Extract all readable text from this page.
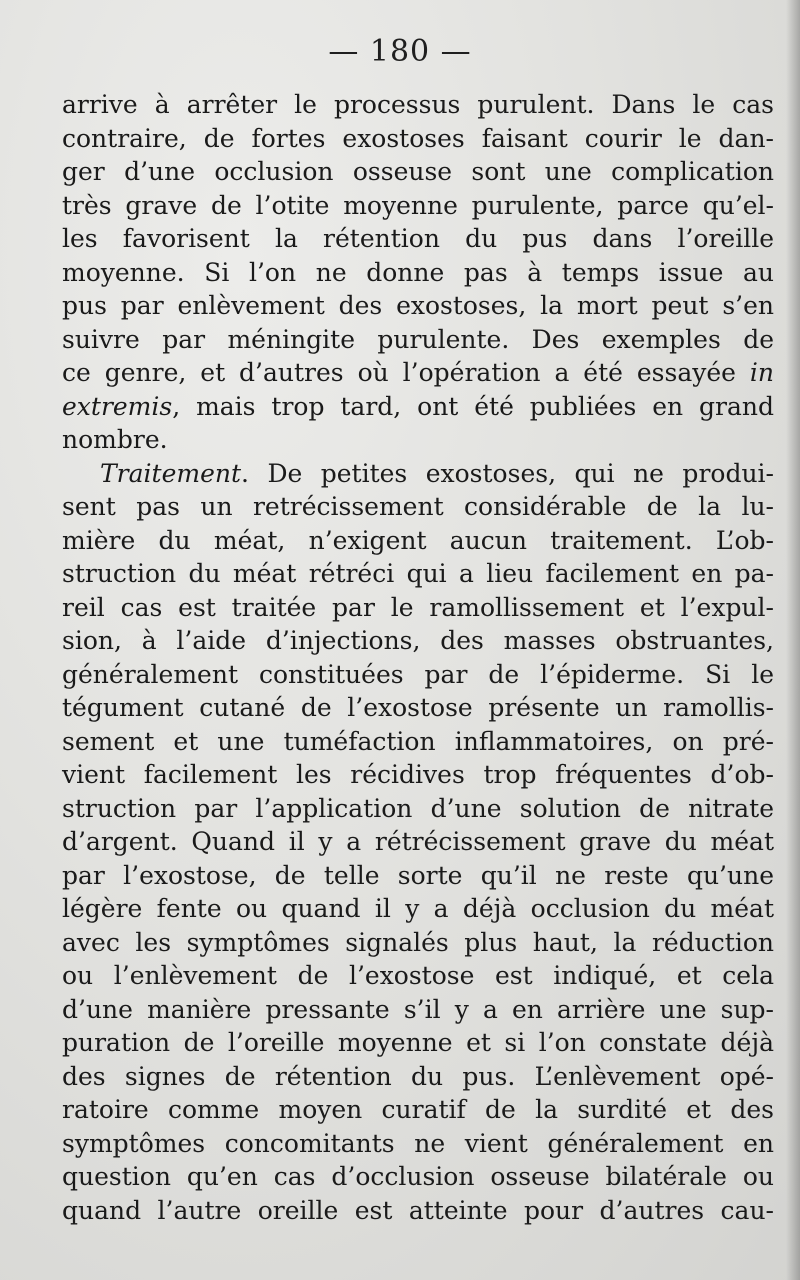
— 180 —
arrive à arrêter le processus purulent. Dans le cas
contraire, de fortes exostoses faisant courir le dan-
ger d’une occlusion osseuse sont une complication
très grave de l’otite moyenne purulente, parce qu’el-
les favorisent la rétention du pus dans l’oreille
moyenne. Si l’on ne donne pas à temps issue au
pus par enlèvement des exostoses, la mort peut s’en
suivre par méningite purulente. Des exemples de
ce genre, et d’autres où l’opération a été essayée in
extremis, mais trop tard, ont été publiées en grand
nombre.
Traitement. De petites exostoses, qui ne produi-
sent pas un retrécissement considérable de la lu-
mière du méat, n’exigent aucun traitement. L’ob-
struction du méat rétréci qui a lieu facilement en pa-
reil cas est traitée par le ramollissement et l’expul-
sion, à l’aide d’injections, des masses obstruantes,
généralement constituées par de l’épiderme. Si le
tégument cutané de l’exostose présente un ramollis-
sement et une tuméfaction inflammatoires, on pré-
vient facilement les récidives trop fréquentes d’ob-
struction par l’application d’une solution de nitrate
d’argent. Quand il y a rétrécissement grave du méat
par l’exostose, de telle sorte qu’il ne reste qu’une
légère fente ou quand il y a déjà occlusion du méat
avec les symptômes signalés plus haut, la réduction
ou l’enlèvement de l’exostose est indiqué, et cela
d’une manière pressante s’il y a en arrière une sup-
puration de l’oreille moyenne et si l’on constate déjà
des signes de rétention du pus. L’enlèvement opé-
ratoire comme moyen curatif de la surdité et des
symptômes concomitants ne vient généralement en
question qu’en cas d’occlusion osseuse bilatérale ou
quand l’autre oreille est atteinte pour d’autres cau-
